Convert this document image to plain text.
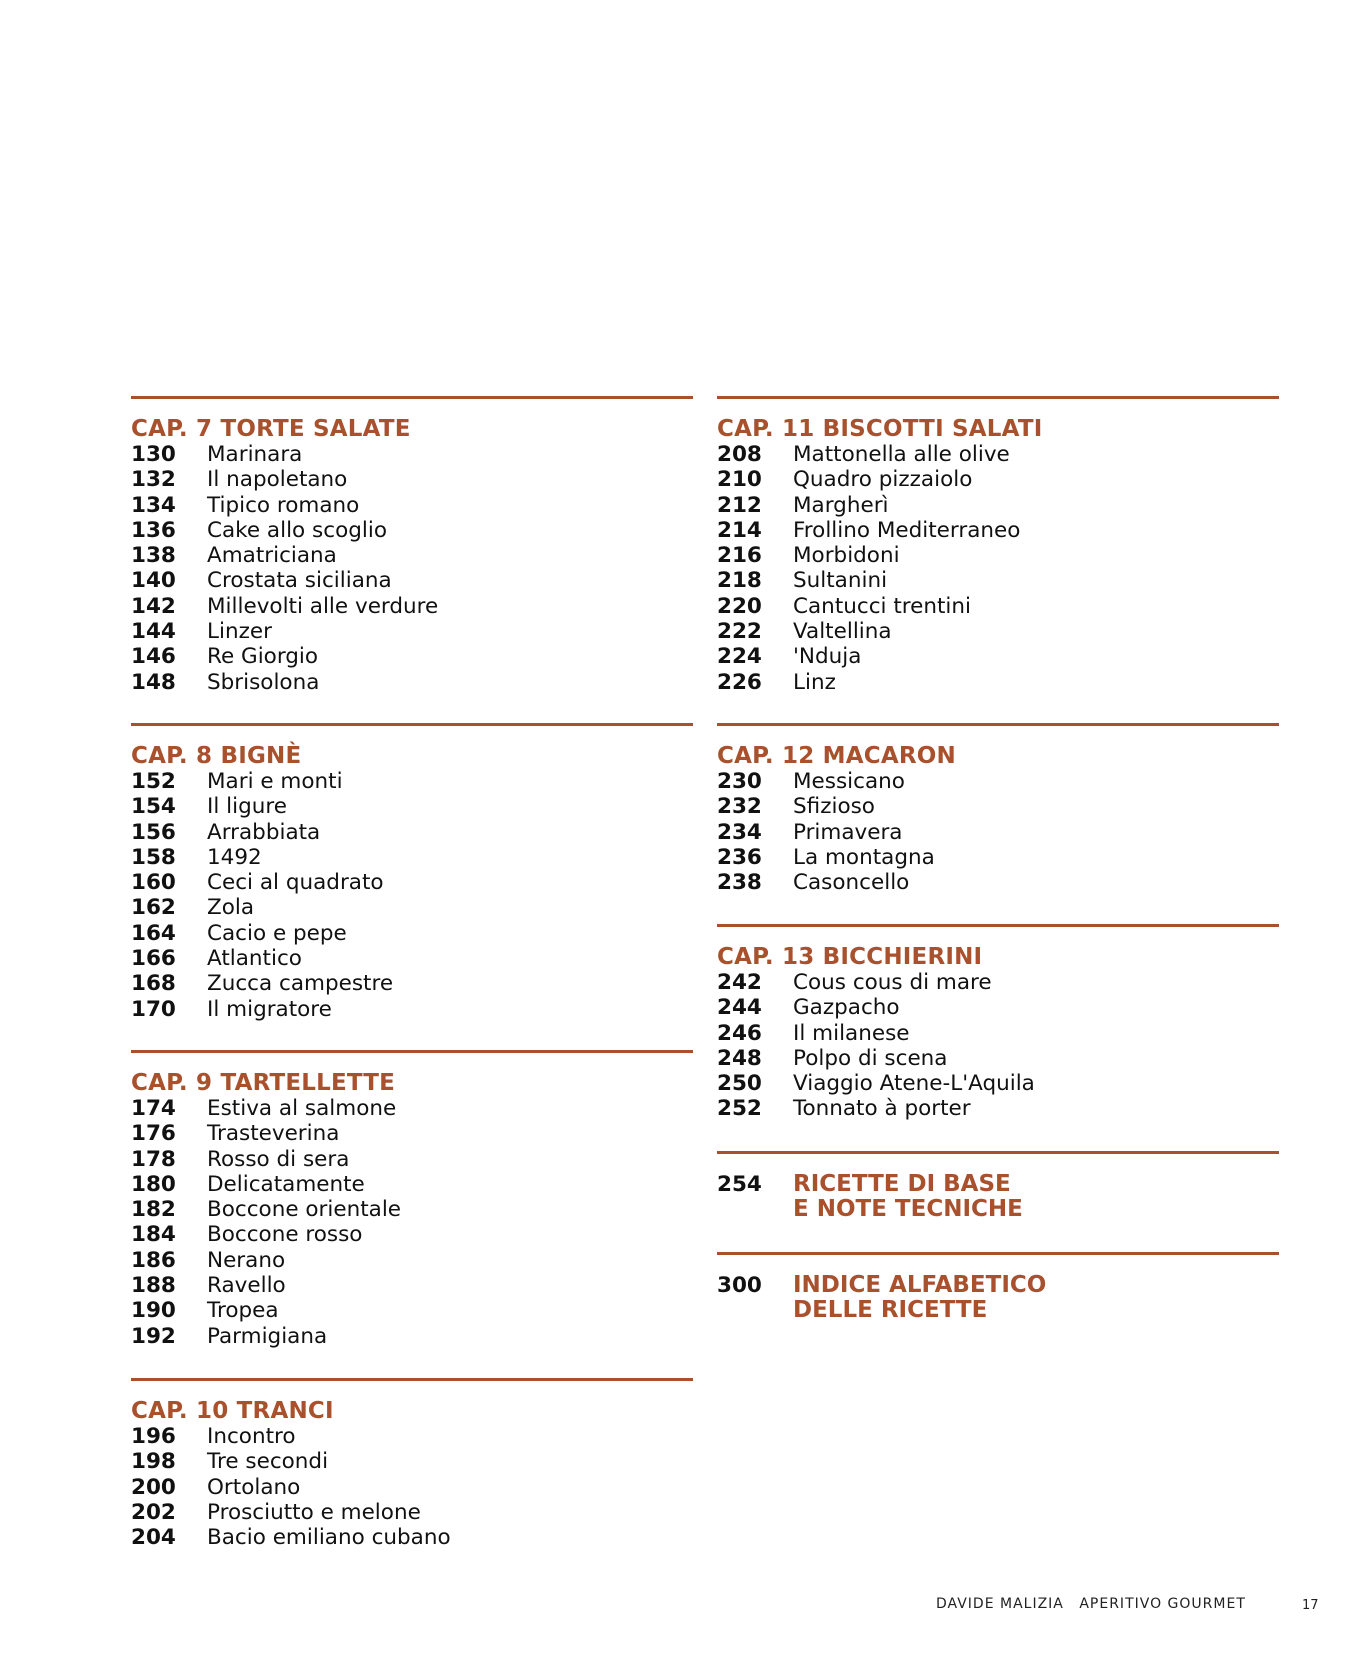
CAP. 7 TORTE SALATE
130	Marinara
132	Il napoletano
134	Tipico romano
136	Cake allo scoglio
138	Amatriciana
140	Crostata siciliana
142	Millevolti alle verdure
144	Linzer
146	Re Giorgio
148	Sbrisolona
CAP. 8 BIGNÈ
152	Mari e monti
154	Il ligure
156	Arrabbiata
158	1492
160	Ceci al quadrato
162	Zola
164	Cacio e pepe
166	Atlantico
168	Zucca campestre
170	Il migratore
CAP. 9 TARTELLETTE
174	Estiva al salmone
176	Trasteverina
178	Rosso di sera
180	Delicatamente
182	Boccone orientale
184	Boccone rosso
186	Nerano
188	Ravello
190	Tropea
192	Parmigiana
CAP. 10 TRANCI
196	Incontro
198	Tre secondi
200	Ortolano
202	Prosciutto e melone
204	Bacio emiliano cubano
CAP. 11 BISCOTTI SALATI
208	Mattonella alle olive
210	Quadro pizzaiolo
212	Margherì
214	Frollino Mediterraneo
216	Morbidoni
218	Sultanini
220	Cantucci trentini
222	Valtellina
224	'Nduja
226	Linz
CAP. 12 MACARON
230	Messicano
232	Sfizioso
234	Primavera
236	La montagna
238	Casoncello
CAP. 13 BICCHIERINI
242	Cous cous di mare
244	Gazpacho
246	Il milanese
248	Polpo di scena
250	Viaggio Atene-L'Aquila
252	Tonnato à porter
254	RICETTE DI BASE
E NOTE TECNICHE
300	INDICE ALFABETICO
DELLE RICETTE
DAVIDE MALIZIA APERITIVO GOURMET	17
